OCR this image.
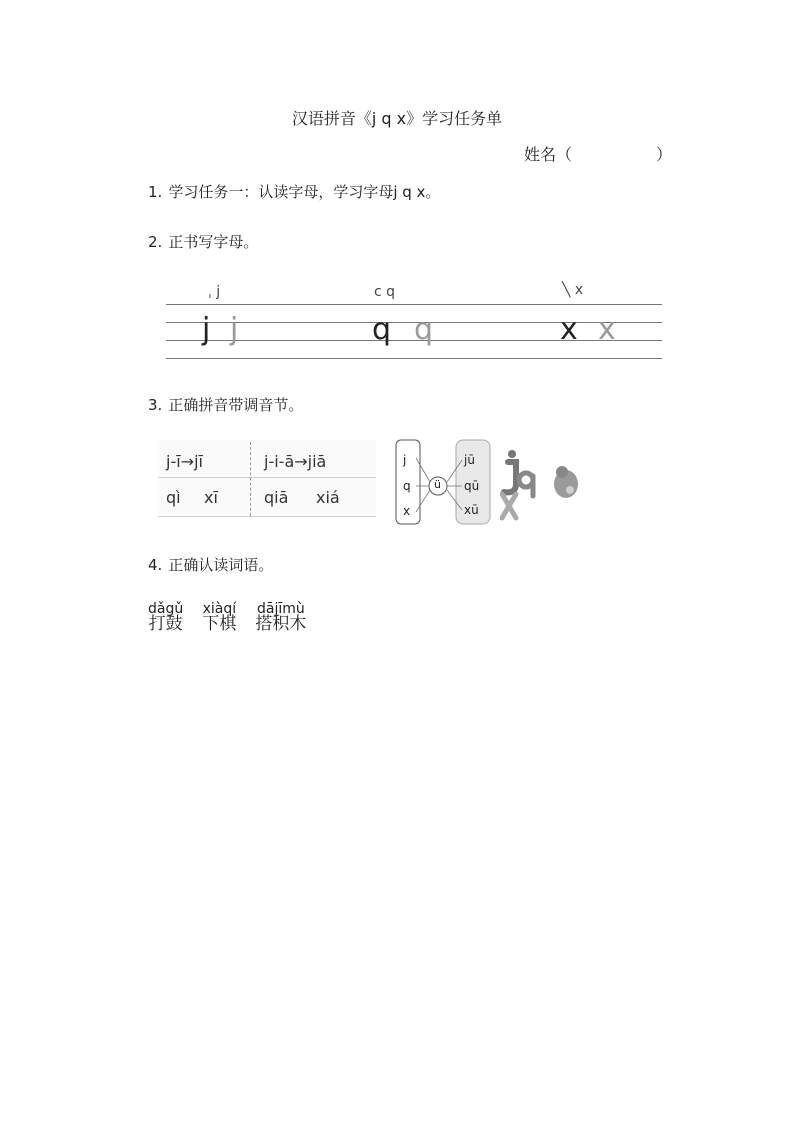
汉语拼音《j q x》学习任务单
姓名（	）
1. 学习任务一：认读字母，学习字母j q x。
2. 正书写字母。
ˌ j	c q	╲ x
j j	q q	x x
3. 正确拼音带调音节。
j-ī→jī	j-i-ā→jiā
qì xī	qiā xiá
j
q
x
ü
jū
qū
xū
4. 正确认读词语。
dǎgǔ
打鼓

xiàqí
下棋

dājīmù
搭积木
